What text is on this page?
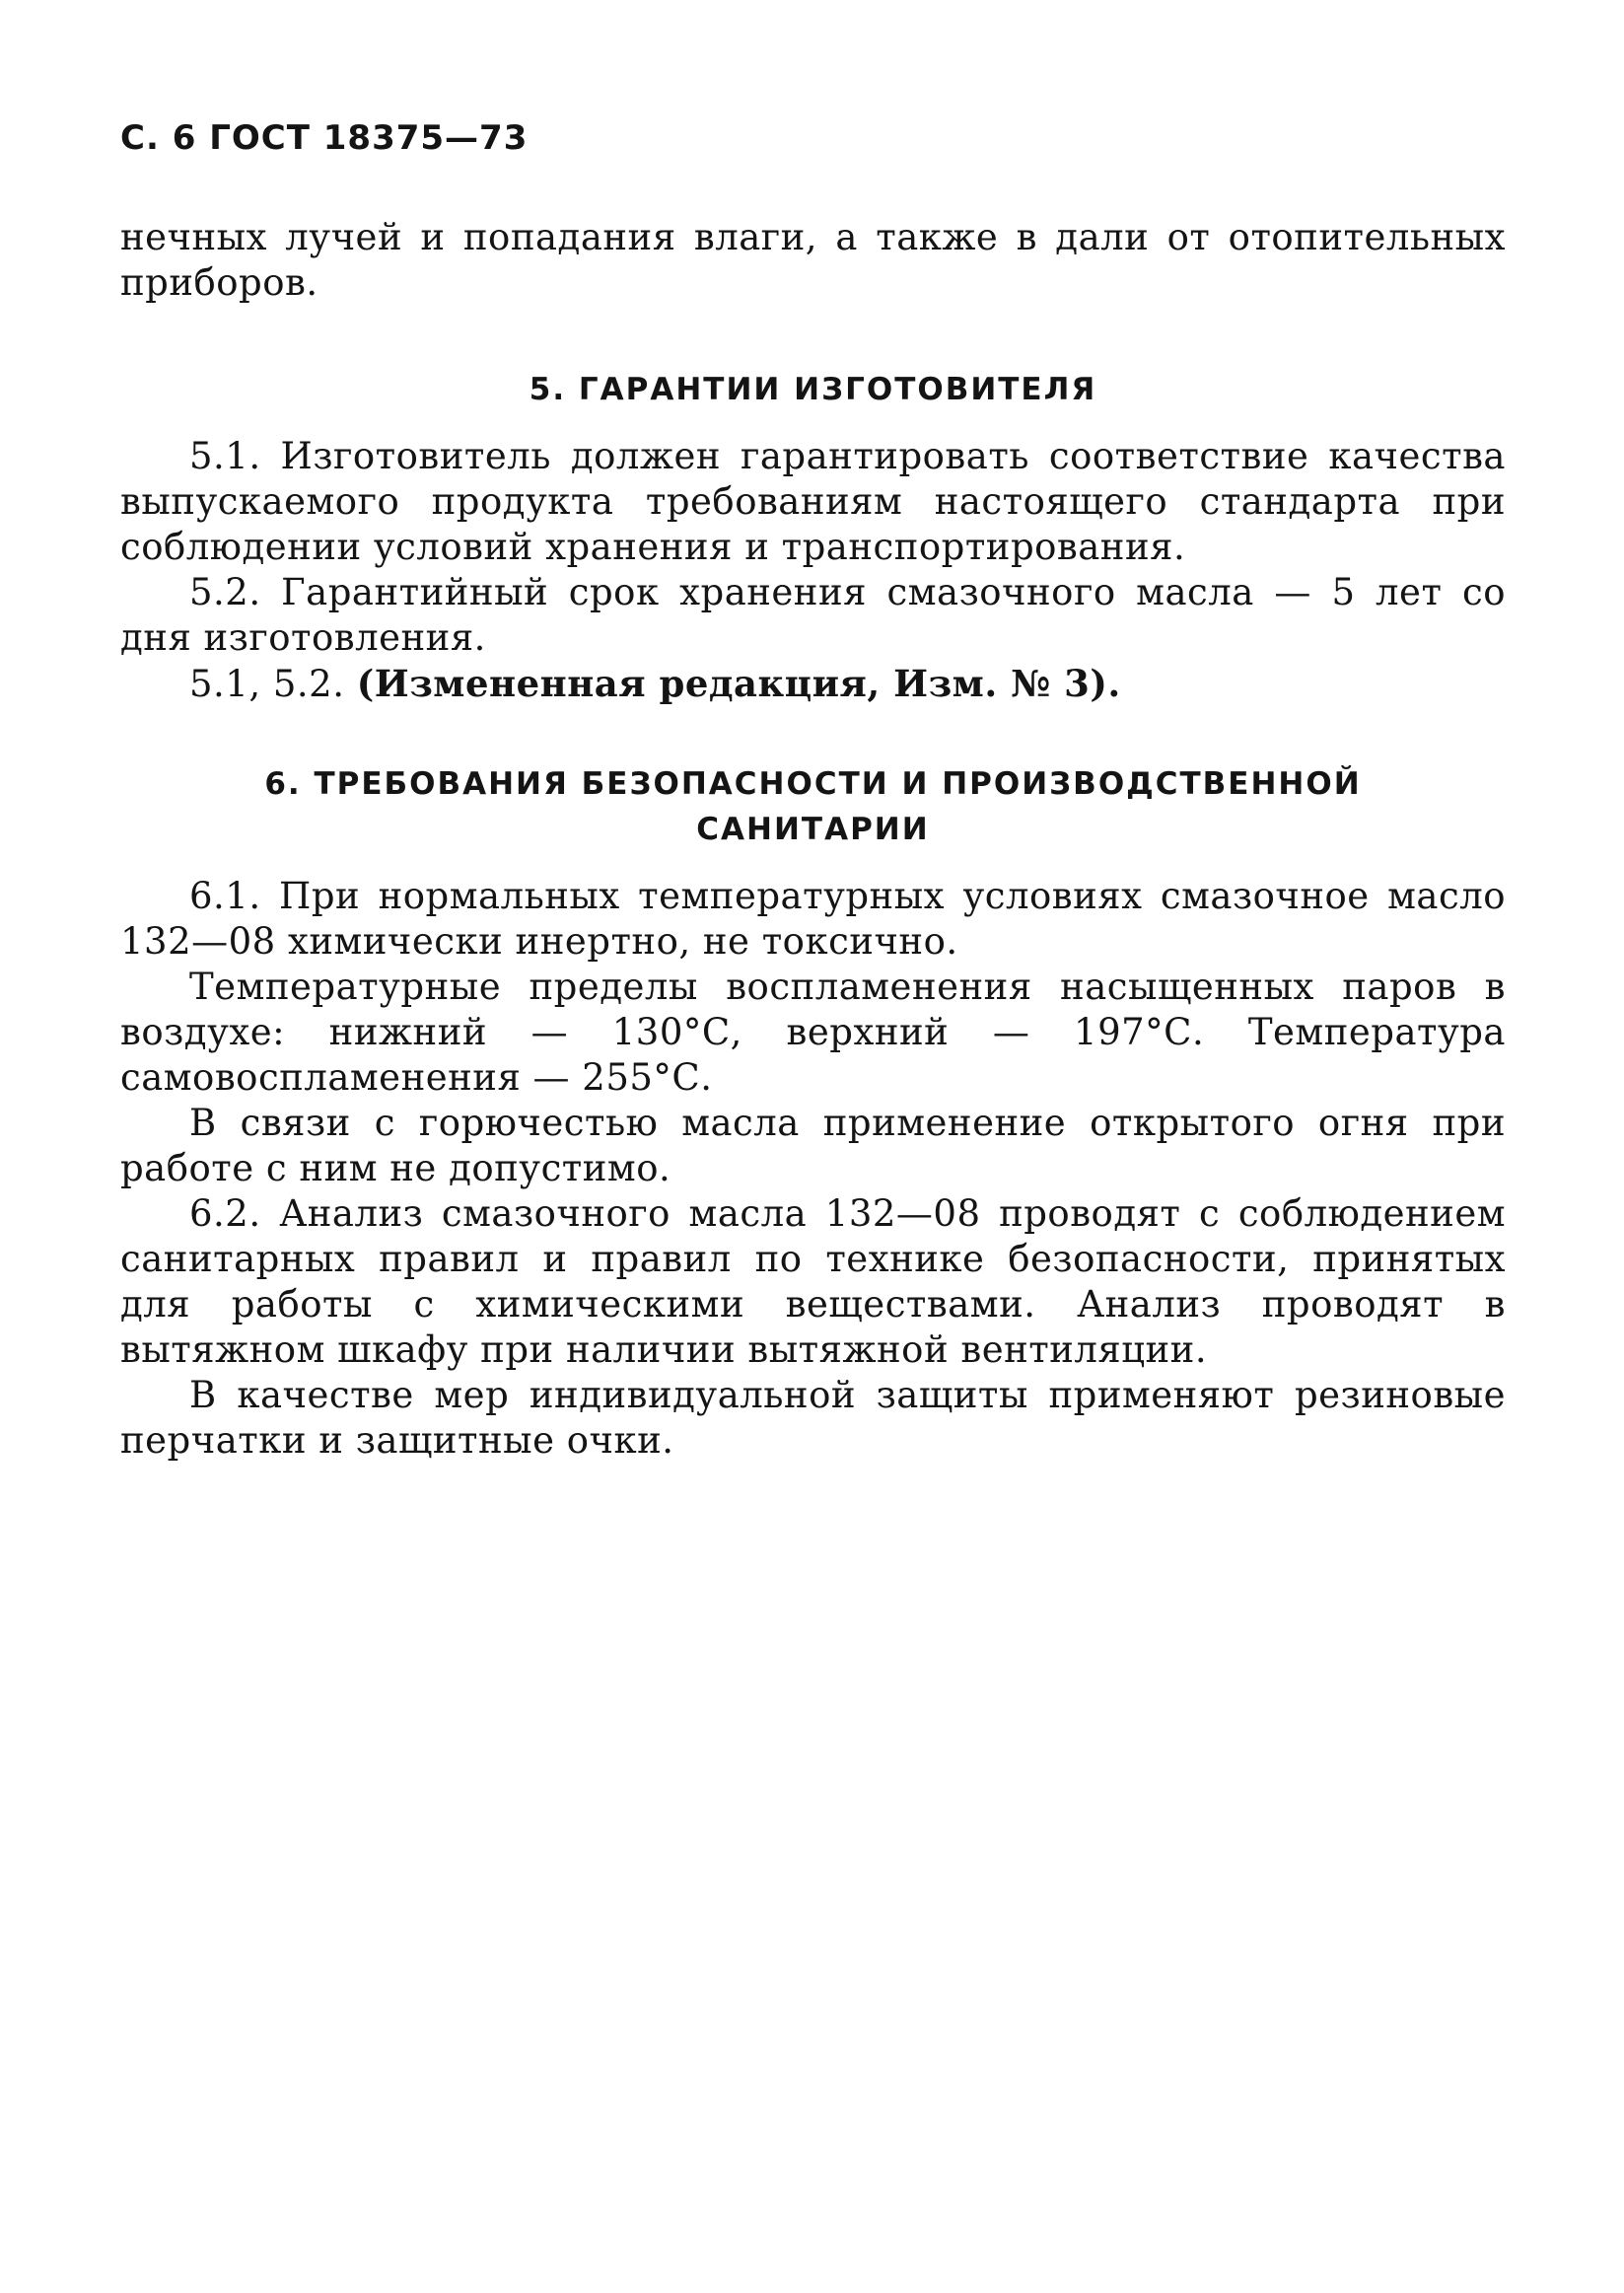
С. 6 ГОСТ 18375—73

нечных лучей и попадания влаги, а также в дали от отопительных приборов.

5. ГАРАНТИИ ИЗГОТОВИТЕЛЯ

5.1. Изготовитель должен гарантировать соответствие качества выпускаемого продукта требованиям настоящего стандарта при соблюдении условий хранения и транспортирования.

5.2. Гарантийный срок хранения смазочного масла — 5 лет со дня изготовления.

5.1, 5.2. (Измененная редакция, Изм. № 3).

6. ТРЕБОВАНИЯ БЕЗОПАСНОСТИ И ПРОИЗВОДСТВЕННОЙ
САНИТАРИИ

6.1. При нормальных температурных условиях смазочное масло 132—08 химически инертно, не токсично.

Температурные пределы воспламенения насыщенных паров в воздухе: нижний — 130°С, верхний — 197°С. Температура самовоспламенения — 255°С.

В связи с горючестью масла применение открытого огня при работе с ним не допустимо.

6.2. Анализ смазочного масла 132—08 проводят с соблюдением санитарных правил и правил по технике безопасности, принятых для работы с химическими веществами. Анализ проводят в вытяжном шкафу при наличии вытяжной вентиляции.

В качестве мер индивидуальной защиты применяют резиновые перчатки и защитные очки.
